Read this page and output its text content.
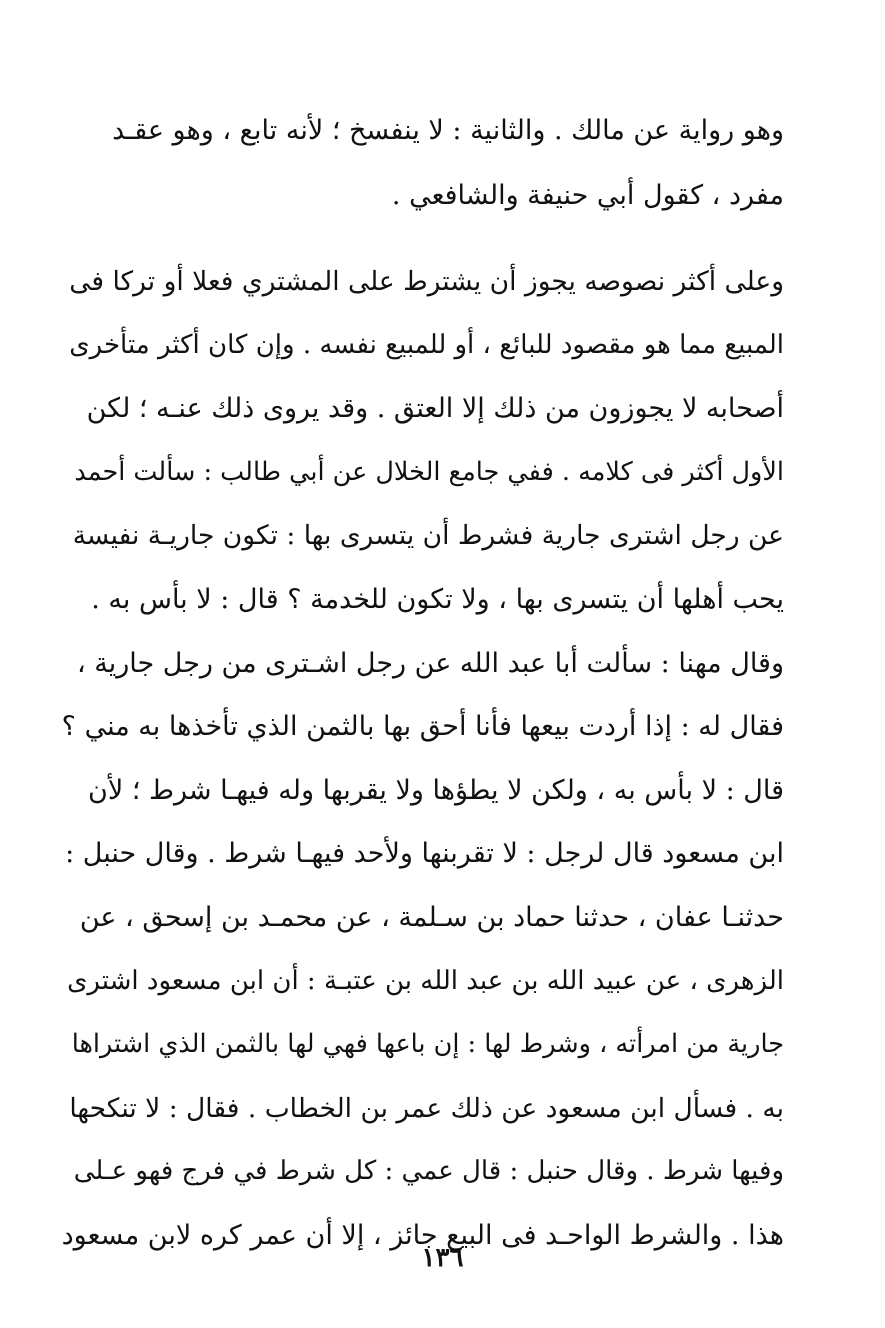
وهو رواية عن مالك . والثانية : لا ينفسخ ؛ لأنه تابع ، وهو عقـد
مفرد ، كقول أبي حنيفة والشافعي .
وعلى أكثر نصوصه يجوز أن يشترط على المشتري فعلا أو تركا فى
المبيع مما هو مقصود للبائع ، أو للمبيع نفسه . وإن كان أكثر متأخرى
أصحابه لا يجوزون من ذلك إلا العتق . وقد يروى ذلك عنـه ؛ لكن
الأول أكثر فى كلامه . ففي جامع الخلال عن أبي طالب : سألت أحمد
عن رجل اشترى جارية فشرط أن يتسرى بها : تكون جاريـة نفيسة
يحب أهلها أن يتسرى بها ، ولا تكون للخدمة ؟ قال : لا بأس به .
وقال مهنا : سألت أبا عبد الله عن رجل اشـترى من رجل جارية ،
فقال له : إذا أردت بيعها فأنا أحق بها بالثمن الذي تأخذها به مني ؟
قال : لا بأس به ، ولكن لا يطؤها ولا يقربها وله فيهـا شرط ؛ لأن
ابن مسعود قال لرجل : لا تقربنها ولأحد فيهـا شرط . وقال حنبل :
حدثنـا عفان ، حدثنا حماد بن سـلمة ، عن محمـد بن إسحق ، عن
الزهرى ، عن عبيد الله بن عبد الله بن عتبـة : أن ابن مسعود اشترى
جارية من امرأته ، وشرط لها : إن باعها فهي لها بالثمن الذي اشتراها
به . فسأل ابن مسعود عن ذلك عمر بن الخطاب . فقال : لا تنكحها
وفيها شرط . وقال حنبل : قال عمي : كل شرط في فرج فهو عـلى
هذا . والشرط الواحـد فى البيع جائز ، إلا أن عمر كره لابن مسعود
١٣٦
